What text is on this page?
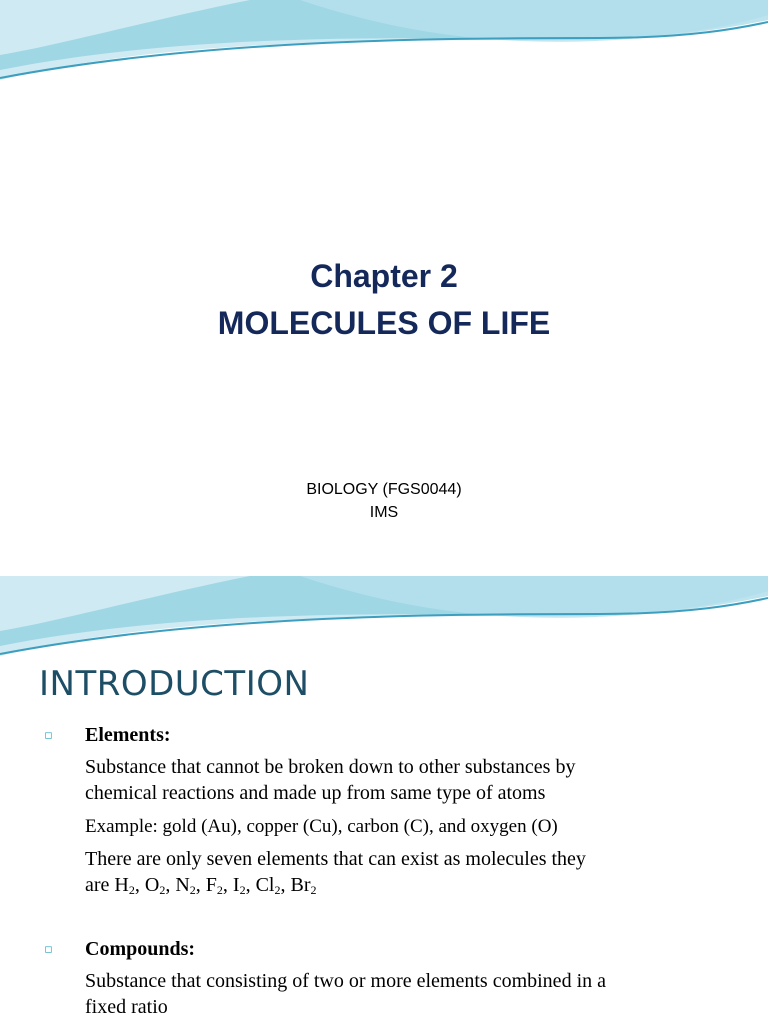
Chapter 2
MOLECULES OF LIFE
BIOLOGY (FGS0044)
IMS
INTRODUCTION
▫ Elements:
Substance that cannot be broken down to other substances by
chemical reactions and made up from same type of atoms
Example: gold (Au), copper (Cu), carbon (C), and oxygen (O)
There are only seven elements that can exist as molecules they
are $H_2$, $O_2$, $N_2$, $F_2$, $I_2$, $Cl_2$, $Br_2$
▫ Compounds:
Substance that consisting of two or more elements combined in a
fixed ratio
